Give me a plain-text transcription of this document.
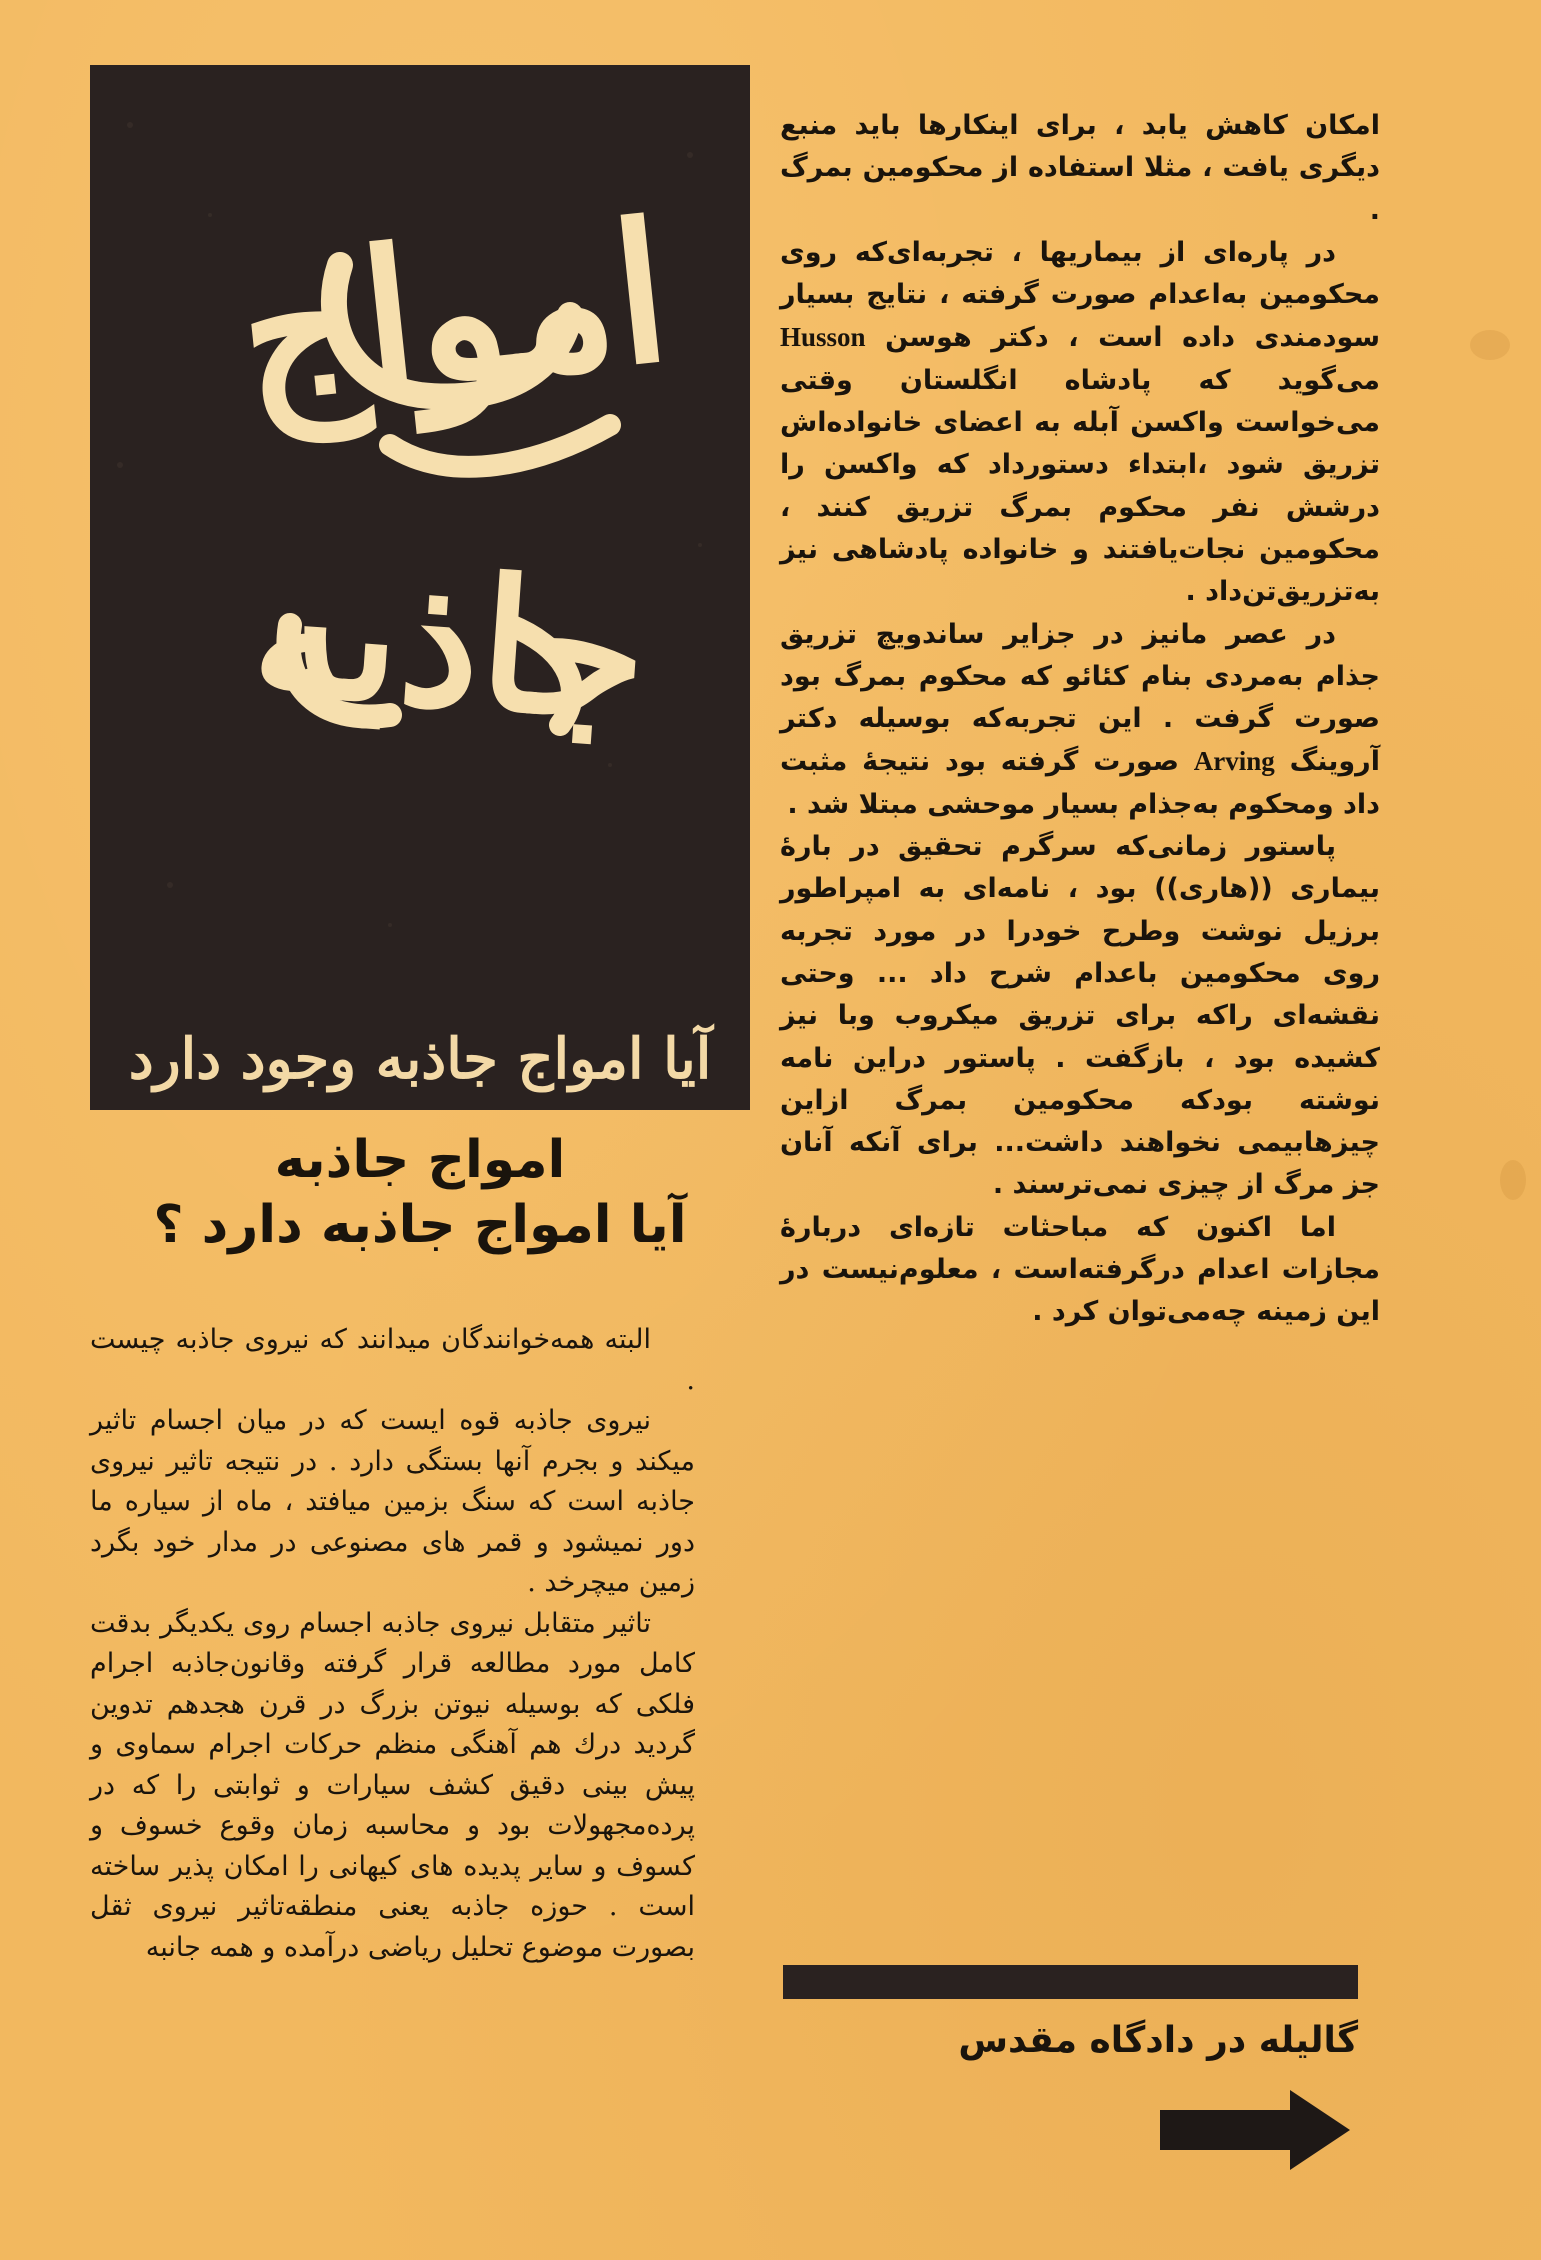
امواج
جاذبه
آیا امواج جاذبه وجود دارد
امواج جاذبه
آیا امواج جاذبه دارد ؟

امکان کاهش یابد ، برای اینکارها باید منبع دیگری یافت ، مثلا استفاده از محکومین بمرگ .

در پاره‌ای از بیماریها ، تجربه‌ای‌که روی محکومین به‌اعدام صورت گرفته ، نتایج بسیار سودمندی داده است ، دکتر هوسن Husson می‌گوید که پادشاه انگلستان وقتی می‌خواست واکسن آبله به اعضای خانواده‌اش تزریق شود ،ابتداء دستورداد که واکسن را درشش نفر محکوم بمرگ تزریق کنند ، محکومین نجات‌یافتند و خانواده پادشاهی نیز به‌تزریق‌تن‌داد .

در عصر مانیز در جزایر ساندویچ تزریق جذام به‌مردی بنام کئائو که محکوم بمرگ بود صورت گرفت . این تجربه‌که بوسیله دکتر آروینگ Arving صورت گرفته بود نتیجهٔ مثبت داد ومحکوم به‌جذام بسیار موحشی مبتلا شد .

پاستور زمانی‌که سرگرم تحقیق در بارهٔ بیماری ((هاری)) بود ، نامه‌ای به امپراطور برزیل نوشت وطرح خودرا در مورد تجربه روی محکومین باعدام شرح داد ... وحتی نقشه‌ای راکه برای تزریق میکروب وبا نیز کشیده بود ، بازگفت . پاستور دراین نامه نوشته بودکه محکومین بمرگ ازاین چیزهابیمی نخواهند داشت... برای آنکه آنان جز مرگ از چیزی نمی‌ترسند .

اما اکنون که مباحثات تازه‌ای دربارهٔ مجازات اعدام درگرفته‌است ، معلوم‌نیست در این زمینه چه‌می‌توان کرد .

البته همه‌خوانندگان میدانند که نیروی جاذبه چیست .

نیروی جاذبه قوه ایست که در میان اجسام تاثیر میکند و بجرم آنها بستگی دارد . در نتیجه تاثیر نیروی جاذبه است که سنگ بزمین میافتد ، ماه از سیاره ما دور نمیشود و قمر های مصنوعی در مدار خود بگرد زمین میچرخد .

تاثیر متقابل نیروی جاذبه اجسام روی یکدیگر بدقت کامل مورد مطالعه قرار گرفته وقانون‌جاذبه اجرام فلکی که بوسیله نیوتن بزرگ در قرن هجدهم تدوین گردید درك هم آهنگی منظم حرکات اجرام سماوی و پیش بینی دقیق کشف سیارات و ثوابتی را که در پرده‌مجهولات بود و محاسبه زمان وقوع خسوف و کسوف و سایر پدیده های کیهانی را امکان پذیر ساخته است . حوزه جاذبه یعنی منطقه‌تاثیر نیروی ثقل بصورت موضوع تحلیل ریاضی درآمده و همه جانبه

گالیله در دادگاه مقدس
